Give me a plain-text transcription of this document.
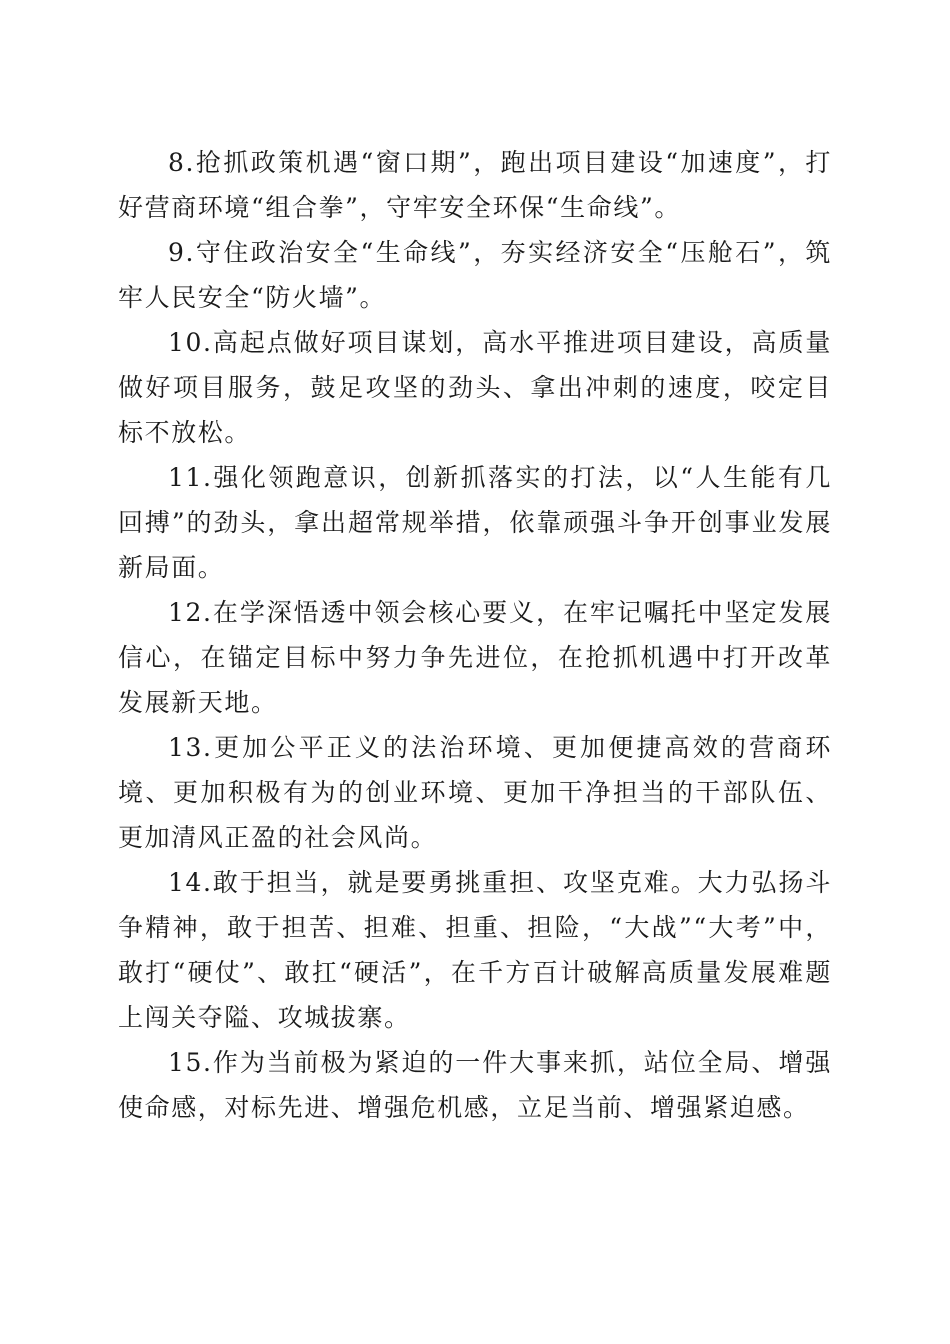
8.抢抓政策机遇“窗口期”，跑出项目建设“加速度”，打好营商环境“组合拳”，守牢安全环保“生命线”。

9.守住政治安全“生命线”，夯实经济安全“压舱石”，筑牢人民安全“防火墙”。

10.高起点做好项目谋划，高水平推进项目建设，高质量做好项目服务，鼓足攻坚的劲头、拿出冲刺的速度，咬定目标不放松。

11.强化领跑意识，创新抓落实的打法，以“人生能有几回搏”的劲头，拿出超常规举措，依靠顽强斗争开创事业发展新局面。

12.在学深悟透中领会核心要义，在牢记嘱托中坚定发展信心，在锚定目标中努力争先进位，在抢抓机遇中打开改革发展新天地。

13.更加公平正义的法治环境、更加便捷高效的营商环境、更加积极有为的创业环境、更加干净担当的干部队伍、更加清风正盈的社会风尚。

14.敢于担当，就是要勇挑重担、攻坚克难。大力弘扬斗争精神，敢于担苦、担难、担重、担险，“大战”“大考”中，敢打“硬仗”、敢扛“硬活”，在千方百计破解高质量发展难题上闯关夺隘、攻城拔寨。

15.作为当前极为紧迫的一件大事来抓，站位全局、增强使命感，对标先进、增强危机感，立足当前、增强紧迫感。
